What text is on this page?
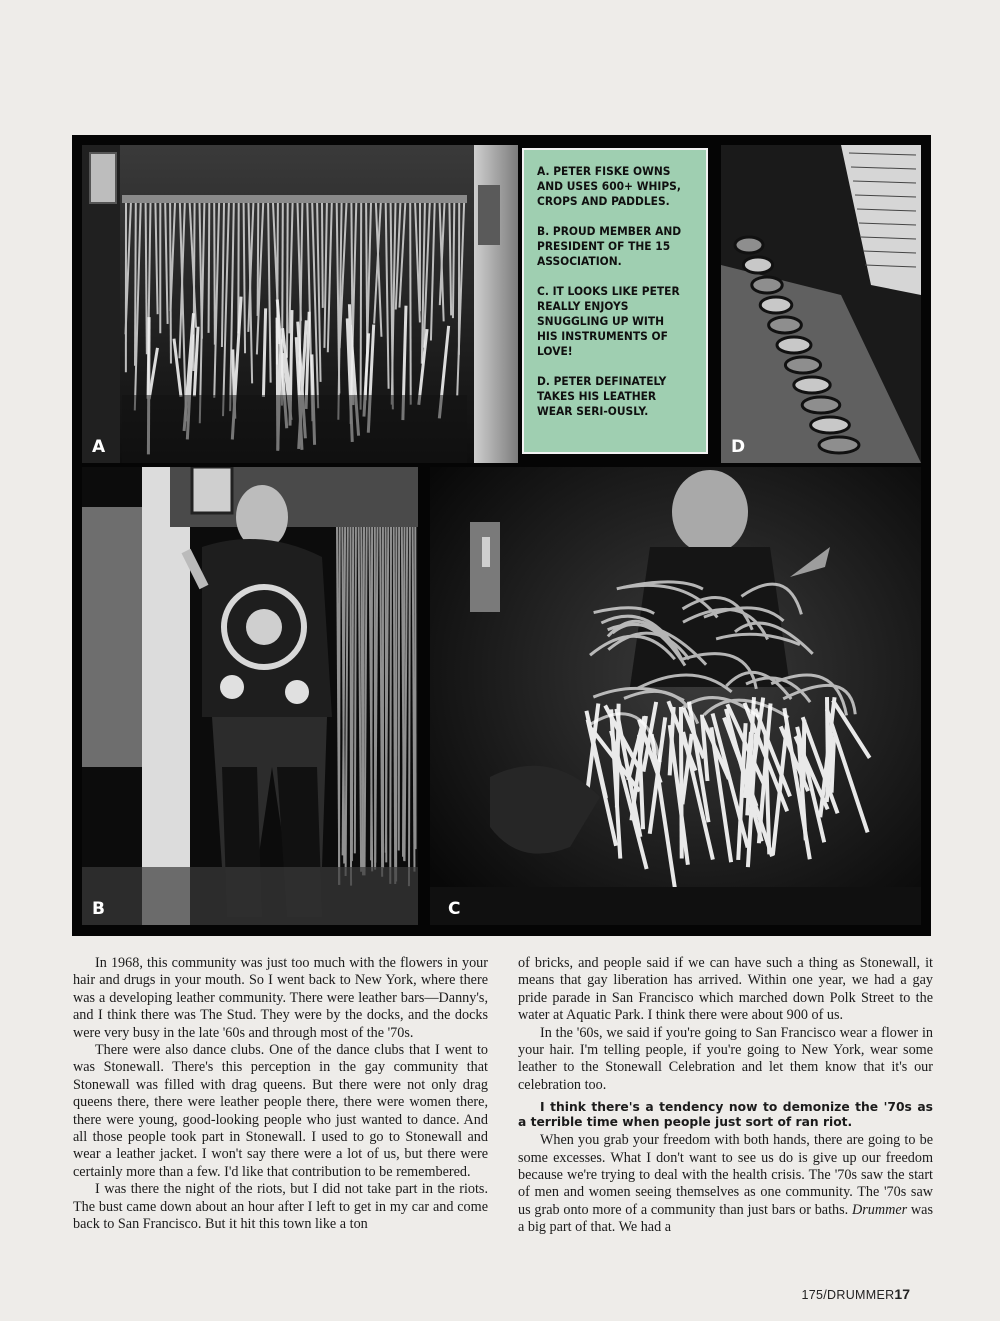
A

A. PETER FISKE OWNS AND USES 600+ WHIPS, CROPS AND PADDLES.

B. PROUD MEMBER AND PRESIDENT OF THE 15 ASSOCIATION.

C. IT LOOKS LIKE PETER REALLY ENJOYS SNUGGLING UP WITH HIS INSTRUMENTS OF LOVE!

D. PETER DEFINATELY TAKES HIS LEATHER WEAR SERI-OUSLY.

D
B	C

In 1968, this community was just too much with the flowers in your hair and drugs in your mouth. So I went back to New York, where there was a developing leather community. There were leather bars—Danny's, and I think there was The Stud. They were by the docks, and the docks were very busy in the late '60s and through most of the '70s.

There were also dance clubs. One of the dance clubs that I went to was Stonewall. There's this perception in the gay community that Stonewall was filled with drag queens. But there were not only drag queens there, there were leather people there, there were women there, there were young, good-looking people who just wanted to dance. And all those people took part in Stonewall. I used to go to Stonewall and wear a leather jacket. I won't say there were a lot of us, but there were certainly more than a few. I'd like that contribution to be remembered.

I was there the night of the riots, but I did not take part in the riots. The bust came down about an hour after I left to get in my car and come back to San Francisco. But it hit this town like a ton

of bricks, and people said if we can have such a thing as Stonewall, it means that gay liberation has arrived. Within one year, we had a gay pride parade in San Francisco which marched down Polk Street to the water at Aquatic Park. I think there were about 900 of us.

In the '60s, we said if you're going to San Francisco wear a flower in your hair. I'm telling people, if you're going to New York, wear some leather to the Stonewall Celebration and let them know that it's our celebration too.

I think there's a tendency now to demonize the '70s as a terrible time when people just sort of ran riot.

When you grab your freedom with both hands, there are going to be some excesses. What I don't want to see us do is give up our freedom because we're trying to deal with the health crisis. The '70s saw the start of men and women seeing themselves as one community. The '70s saw us grab onto more of a community than just bars or baths. Drummer was a big part of that. We had a

175/DRUMMER17
